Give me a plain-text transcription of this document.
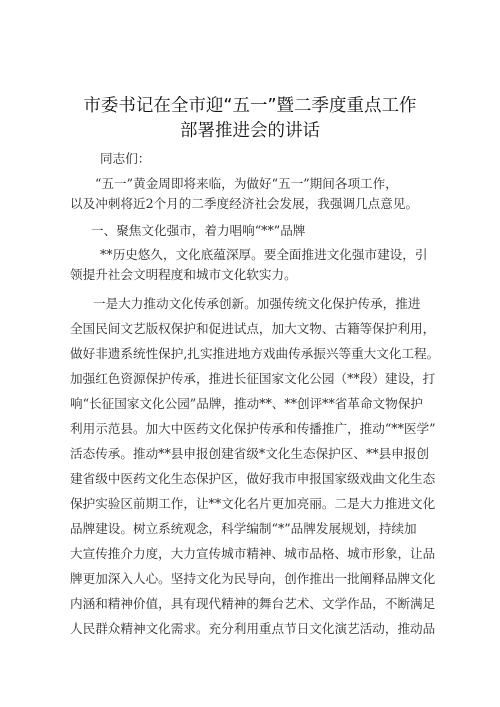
市委书记在全市迎“五一”暨二季度重点工作
部署推进会的讲话
同志们：
“五一”黄金周即将来临，为做好“五一”期间各项工作，
以及冲刺将近2个月的二季度经济社会发展，我强调几点意见。
一、聚焦文化强市，着力唱响“**”品牌
**历史悠久，文化底蕴深厚。要全面推进文化强市建设，引
领提升社会文明程度和城市文化软实力。
一是大力推动文化传承创新。加强传统文化保护传承，推进
全国民间文艺版权保护和促进试点，加大文物、古籍等保护利用，
做好非遗系统性保护,扎实推进地方戏曲传承振兴等重大文化工程。
加强红色资源保护传承，推进长征国家文化公园（**段）建设，打
响“长征国家文化公园”品牌，推动**、**创评**省革命文物保护
利用示范县。加大中医药文化保护传承和传播推广，推动“**医学”
活态传承。推动**县申报创建省级*文化生态保护区、**县申报创
建省级中医药文化生态保护区，做好我市申报国家级戏曲文化生态
保护实验区前期工作，让**文化名片更加亮丽。二是大力推进文化
品牌建设。树立系统观念，科学编制“*”品牌发展规划，持续加
大宣传推介力度，大力宣传城市精神、城市品格、城市形象，让品
牌更加深入人心。坚持文化为民导向，创作推出一批阐释品牌文化
内涵和精神价值，具有现代精神的舞台艺术、文学作品，不断满足
人民群众精神文化需求。充分利用重点节日文化演艺活动，推动品
